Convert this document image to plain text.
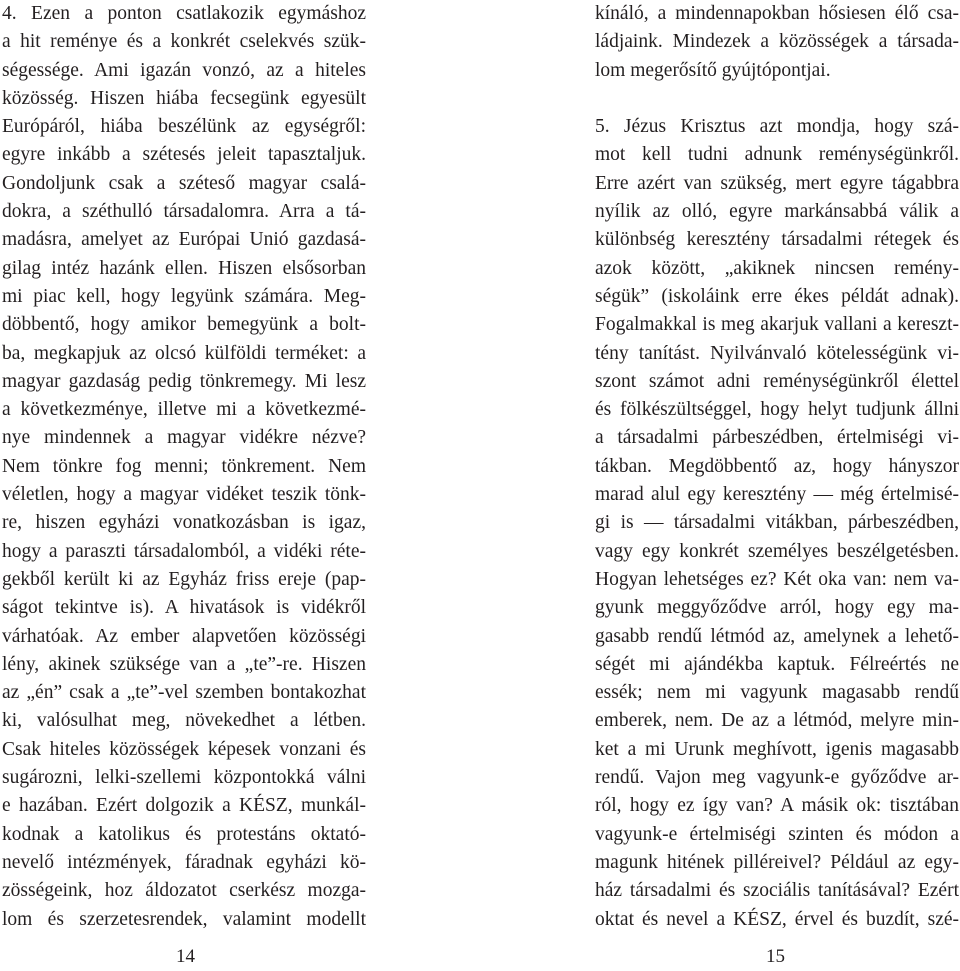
4. Ezen a ponton csatlakozik egymáshoz
a hit reménye és a konkrét cselekvés szük-
ségessége. Ami igazán vonzó, az a hiteles
közösség. Hiszen hiába fecsegünk egyesült
Európáról, hiába beszélünk az egységről:
egyre inkább a szétesés jeleit tapasztaljuk.
Gondoljunk csak a széteső magyar csalá-
dokra, a széthulló társadalomra. Arra a tá-
madásra, amelyet az Európai Unió gazdasá-
gilag intéz hazánk ellen. Hiszen elsősorban
mi piac kell, hogy legyünk számára. Meg-
döbbentő, hogy amikor bemegyünk a bolt-
ba, megkapjuk az olcsó külföldi terméket: a
magyar gazdaság pedig tönkremegy. Mi lesz
a következménye, illetve mi a következmé-
nye mindennek a magyar vidékre nézve?
Nem tönkre fog menni; tönkrement. Nem
véletlen, hogy a magyar vidéket teszik tönk-
re, hiszen egyházi vonatkozásban is igaz,
hogy a paraszti társadalomból, a vidéki réte-
gekből került ki az Egyház friss ereje (pap-
ságot tekintve is). A hivatások is vidékről
várhatóak. Az ember alapvetően közösségi
lény, akinek szüksége van a „te”-re. Hiszen
az „én” csak a „te”-vel szemben bontakozhat
ki, valósulhat meg, növekedhet a létben.
Csak hiteles közösségek képesek vonzani és
sugározni, lelki-szellemi központokká válni
e hazában. Ezért dolgozik a KÉSZ, munkál-
kodnak a katolikus és protestáns oktató-
nevelő intézmények, fáradnak egyházi kö-
zösségeink, hoz áldozatot cserkész mozga-
lom és szerzetesrendek, valamint modellt
kínáló, a mindennapokban hősiesen élő csa-
ládjaink. Mindezek a közösségek a társada-
lom megerősítő gyújtópontjai.
5. Jézus Krisztus azt mondja, hogy szá-
mot kell tudni adnunk reménységünkről.
Erre azért van szükség, mert egyre tágabbra
nyílik az olló, egyre markánsabbá válik a
különbség keresztény társadalmi rétegek és
azok között, „akiknek nincsen remény-
ségük” (iskoláink erre ékes példát adnak).
Fogalmakkal is meg akarjuk vallani a kereszt-
tény tanítást. Nyilvánvaló kötelességünk vi-
szont számot adni reménységünkről élettel
és fölkészültséggel, hogy helyt tudjunk állni
a társadalmi párbeszédben, értelmiségi vi-
tákban. Megdöbbentő az, hogy hányszor
marad alul egy keresztény — még értelmisé-
gi is — társadalmi vitákban, párbeszédben,
vagy egy konkrét személyes beszélgetésben.
Hogyan lehetséges ez? Két oka van: nem va-
gyunk meggyőződve arról, hogy egy ma-
gasabb rendű létmód az, amelynek a lehető-
ségét mi ajándékba kaptuk. Félreértés ne
essék; nem mi vagyunk magasabb rendű
emberek, nem. De az a létmód, melyre min-
ket a mi Urunk meghívott, igenis magasabb
rendű. Vajon meg vagyunk-e győződve ar-
ról, hogy ez így van? A másik ok: tisztában
vagyunk-e értelmiségi szinten és módon a
magunk hitének pilléreivel? Például az egy-
ház társadalmi és szociális tanításával? Ezért
oktat és nevel a KÉSZ, érvel és buzdít, szé-
14	15
